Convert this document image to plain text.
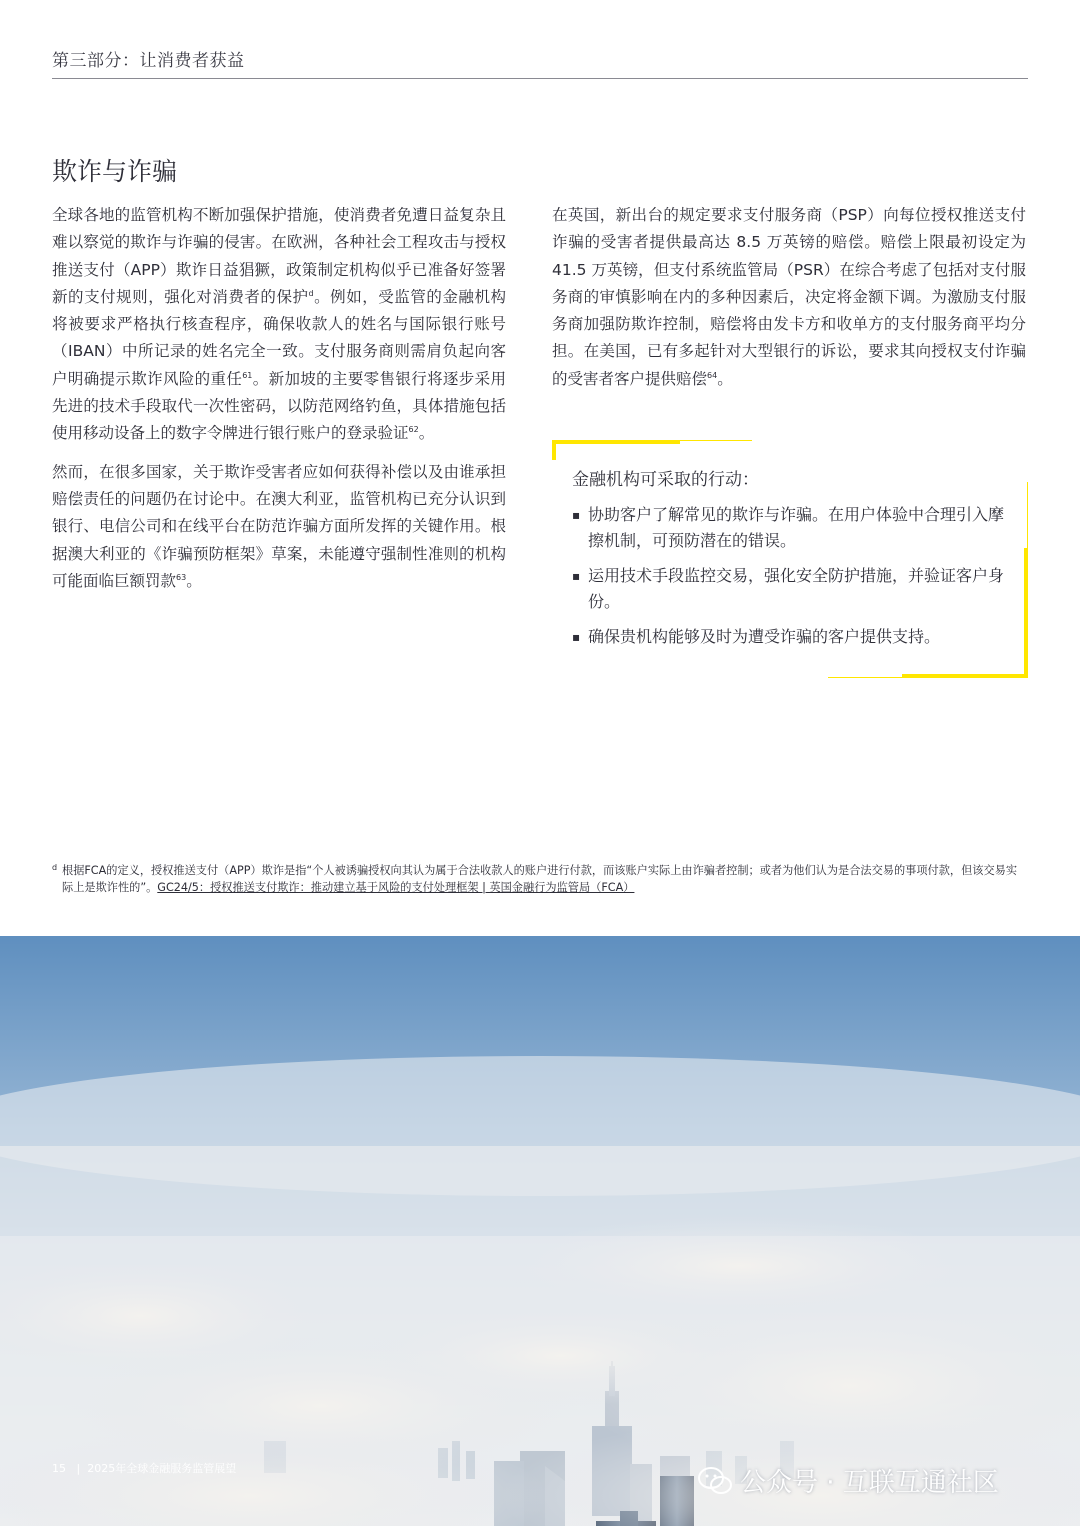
第三部分：让消费者获益
欺诈与诈骗

全球各地的监管机构不断加强保护措施，使消费者免遭日益复杂且难以察觉的欺诈与诈骗的侵害。在欧洲，各种社会工程攻击与授权推送支付（APP）欺诈日益猖獗，政策制定机构似乎已准备好签署新的支付规则，强化对消费者的保护$^d$。例如，受监管的金融机构将被要求严格执行核查程序，确保收款人的姓名与国际银行账号（IBAN）中所记录的姓名完全一致。支付服务商则需肩负起向客户明确提示欺诈风险的重任$^{61}$。新加坡的主要零售银行将逐步采用先进的技术手段取代一次性密码，以防范网络钓鱼，具体措施包括使用移动设备上的数字令牌进行银行账户的登录验证$^{62}$。

然而，在很多国家，关于欺诈受害者应如何获得补偿以及由谁承担赔偿责任的问题仍在讨论中。在澳大利亚，监管机构已充分认识到银行、电信公司和在线平台在防范诈骗方面所发挥的关键作用。根据澳大利亚的《诈骗预防框架》草案，未能遵守强制性准则的机构可能面临巨额罚款$^{63}$。

在英国，新出台的规定要求支付服务商（PSP）向每位授权推送支付诈骗的受害者提供最高达 8.5 万英镑的赔偿。赔偿上限最初设定为 41.5 万英镑，但支付系统监管局（PSR）在综合考虑了包括对支付服务商的审慎影响在内的多种因素后，决定将金额下调。为激励支付服务商加强防欺诈控制，赔偿将由发卡方和收单方的支付服务商平均分担。在美国，已有多起针对大型银行的诉讼，要求其向授权支付诈骗的受害者客户提供赔偿$^{64}$。

金融机构可采取的行动：
▪ 协助客户了解常见的欺诈与诈骗。在用户体验中合理引入摩擦机制，可预防潜在的错误。
▪ 运用技术手段监控交易，强化安全防护措施，并验证客户身份。
▪ 确保贵机构能够及时为遭受诈骗的客户提供支持。
d 根据FCA的定义，授权推送支付（APP）欺诈是指“个人被诱骗授权向其认为属于合法收款人的账户进行付款，而该账户实际上由诈骗者控制；或者为他们认为是合法交易的事项付款，但该交易实际上是欺诈性的”。GC24/5：授权推送支付欺诈：推动建立基于风险的支付处理框架 | 英国金融行为监管局（FCA）
15 | 2025年全球金融服务监管展望	公众号 · 互联互通社区
